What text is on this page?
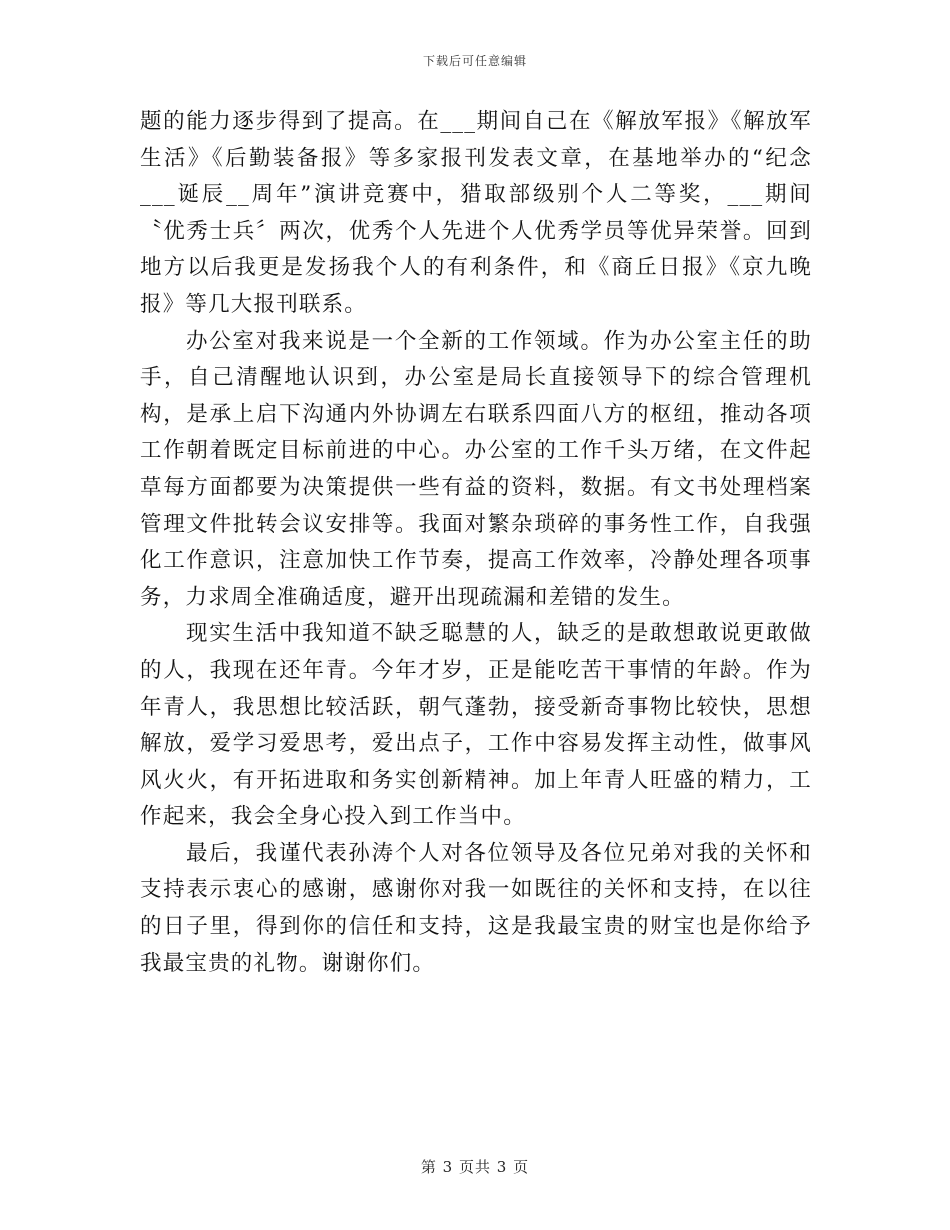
下载后可任意编辑

题的能力逐步得到了提高。在___期间自己在《解放军报》《解放军生活》《后勤装备报》等多家报刊发表文章，在基地举办的“纪念___诞辰__周年”演讲竞赛中，猎取部级别个人二等奖，___期间〝优秀士兵〞两次，优秀个人先进个人优秀学员等优异荣誉。回到地方以后我更是发扬我个人的有利条件，和《商丘日报》《京九晚报》等几大报刊联系。

办公室对我来说是一个全新的工作领域。作为办公室主任的助手，自己清醒地认识到，办公室是局长直接领导下的综合管理机构，是承上启下沟通内外协调左右联系四面八方的枢纽，推动各项工作朝着既定目标前进的中心。办公室的工作千头万绪，在文件起草每方面都要为决策提供一些有益的资料，数据。有文书处理档案管理文件批转会议安排等。我面对繁杂琐碎的事务性工作，自我强化工作意识，注意加快工作节奏，提高工作效率，冷静处理各项事务，力求周全准确适度，避开出现疏漏和差错的发生。

现实生活中我知道不缺乏聪慧的人，缺乏的是敢想敢说更敢做的人，我现在还年青。今年才岁，正是能吃苦干事情的年龄。作为年青人，我思想比较活跃，朝气蓬勃，接受新奇事物比较快，思想解放，爱学习爱思考，爱出点子，工作中容易发挥主动性，做事风风火火，有开拓进取和务实创新精神。加上年青人旺盛的精力，工作起来，我会全身心投入到工作当中。

最后，我谨代表孙涛个人对各位领导及各位兄弟对我的关怀和支持表示衷心的感谢，感谢你对我一如既往的关怀和支持，在以往的日子里，得到你的信任和支持，这是我最宝贵的财宝也是你给予我最宝贵的礼物。谢谢你们。

第 3 页共 3 页
